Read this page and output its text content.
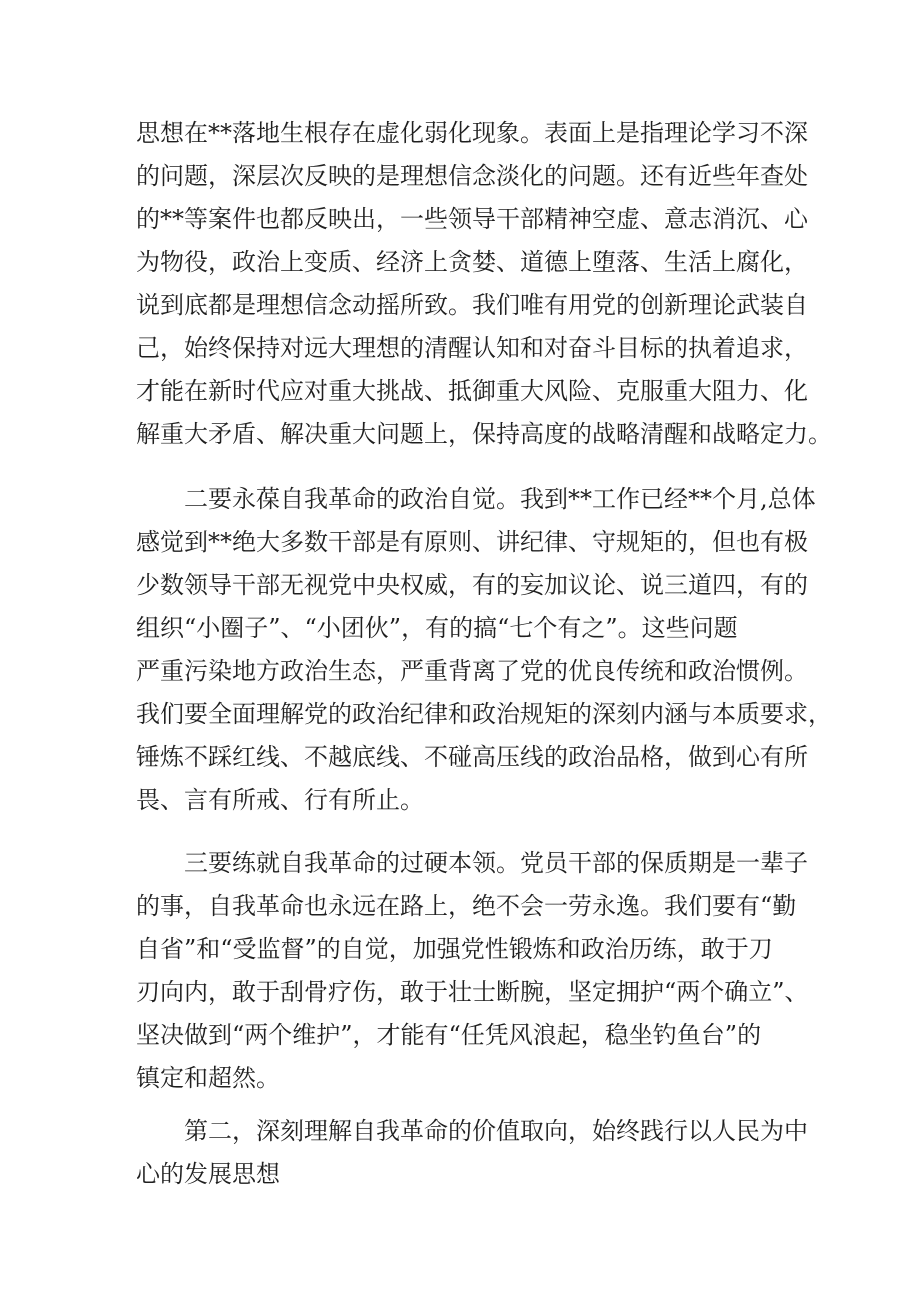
思想在**落地生根存在虚化弱化现象。表面上是指理论学习不深
的问题，深层次反映的是理想信念淡化的问题。还有近些年查处
的**等案件也都反映出，一些领导干部精神空虚、意志消沉、心
为物役，政治上变质、经济上贪婪、道德上堕落、生活上腐化，
说到底都是理想信念动摇所致。我们唯有用党的创新理论武装自
己，始终保持对远大理想的清醒认知和对奋斗目标的执着追求，
才能在新时代应对重大挑战、抵御重大风险、克服重大阻力、化
解重大矛盾、解决重大问题上，保持高度的战略清醒和战略定力。
二要永葆自我革命的政治自觉。我到**工作已经**个月,总体
感觉到**绝大多数干部是有原则、讲纪律、守规矩的，但也有极
少数领导干部无视党中央权威，有的妄加议论、说三道四，有的
组织“小圈子”、“小团伙”，有的搞“七个有之”。这些问题
严重污染地方政治生态，严重背离了党的优良传统和政治惯例。
我们要全面理解党的政治纪律和政治规矩的深刻内涵与本质要求，
锤炼不踩红线、不越底线、不碰高压线的政治品格，做到心有所
畏、言有所戒、行有所止。
三要练就自我革命的过硬本领。党员干部的保质期是一辈子
的事，自我革命也永远在路上，绝不会一劳永逸。我们要有“勤
自省”和“受监督”的自觉，加强党性锻炼和政治历练，敢于刀
刃向内，敢于刮骨疗伤，敢于壮士断腕，坚定拥护“两个确立”、
坚决做到“两个维护”，才能有“任凭风浪起，稳坐钓鱼台”的
镇定和超然。
第二，深刻理解自我革命的价值取向，始终践行以人民为中
心的发展思想
